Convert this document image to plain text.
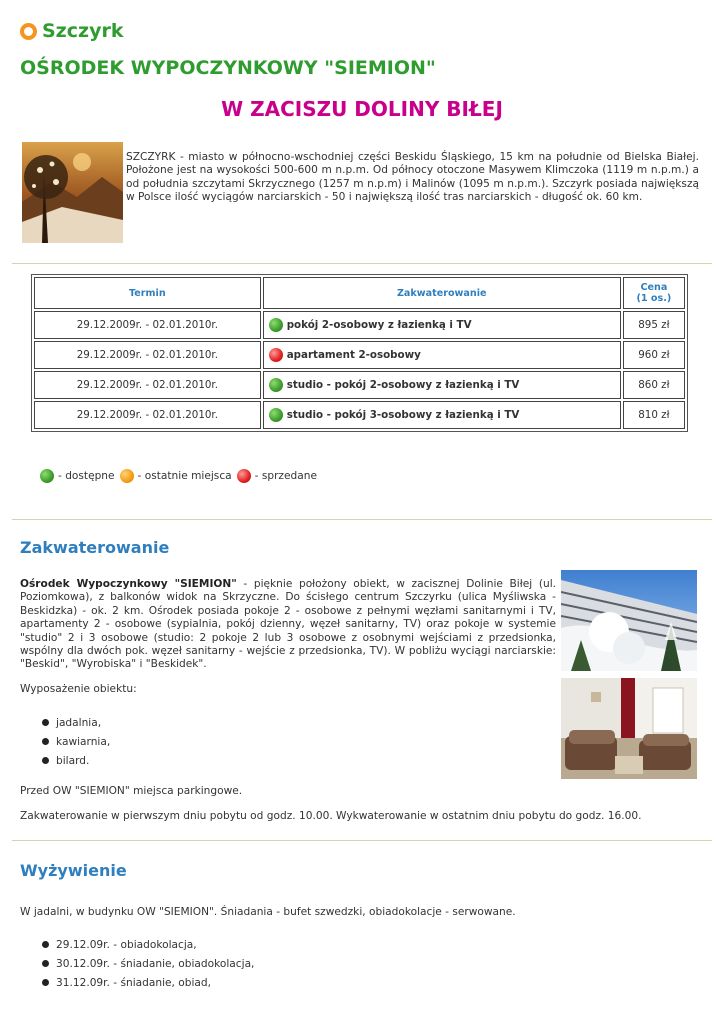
Szczyrk
OŚRODEK WYPOCZYNKOWY "SIEMION"
W ZACISZU DOLINY BIŁEJ
SZCZYRK - miasto w północno-wschodniej części Beskidu Śląskiego, 15 km na południe od Bielska Białej. Położone jest na wysokości 500-600 m n.p.m. Od północy otoczone Masywem Klimczoka (1119 m n.p.m.) a od południa szczytami Skrzycznego (1257 m n.p.m) i Malinów (1095 m n.p.m.). Szczyrk posiada największą w Polsce ilość wyciągów narciarskich - 50 i największą ilość tras narciarskich - długość ok. 60 km.
Termin	Zakwaterowanie	Cena
(1 os.)
29.12.2009r. - 02.01.2010r.	pokój 2-osobowy z łazienką i TV	895 zł
29.12.2009r. - 02.01.2010r.	apartament 2-osobowy	960 zł
29.12.2009r. - 02.01.2010r.	studio - pokój 2-osobowy z łazienką i TV	860 zł
29.12.2009r. - 02.01.2010r.	studio - pokój 3-osobowy z łazienką i TV	810 zł
- dostępne - ostatnie miejsca - sprzedane
Zakwaterowanie
Ośrodek Wypoczynkowy "SIEMION" - pięknie położony obiekt, w zacisznej Dolinie Biłej (ul. Poziomkowa), z balkonów widok na Skrzyczne. Do ścisłego centrum Szczyrku (ulica Myśliwska - Beskidzka) - ok. 2 km. Ośrodek posiada pokoje 2 - osobowe z pełnymi węzłami sanitarnymi i TV, apartamenty 2 - osobowe (sypialnia, pokój dzienny, węzeł sanitarny, TV) oraz pokoje w systemie "studio" 2 i 3 osobowe (studio: 2 pokoje 2 lub 3 osobowe z osobnymi wejściami z przedsionka, wspólny dla dwóch pok. węzeł sanitarny - wejście z przedsionka, TV). W pobliżu wyciągi narciarskie: "Beskid", "Wyrobiska" i "Beskidek".
Wyposażenie obiektu:
jadalnia,
kawiarnia,
bilard.
Przed OW "SIEMION" miejsca parkingowe.
Zakwaterowanie w pierwszym dniu pobytu od godz. 10.00. Wykwaterowanie w ostatnim dniu pobytu do godz. 16.00.
Wyżywienie
W jadalni, w budynku OW "SIEMION". Śniadania - bufet szwedzki, obiadokolacje - serwowane.
29.12.09r. - obiadokolacja,
30.12.09r. - śniadanie, obiadokolacja,
31.12.09r. - śniadanie, obiad,
